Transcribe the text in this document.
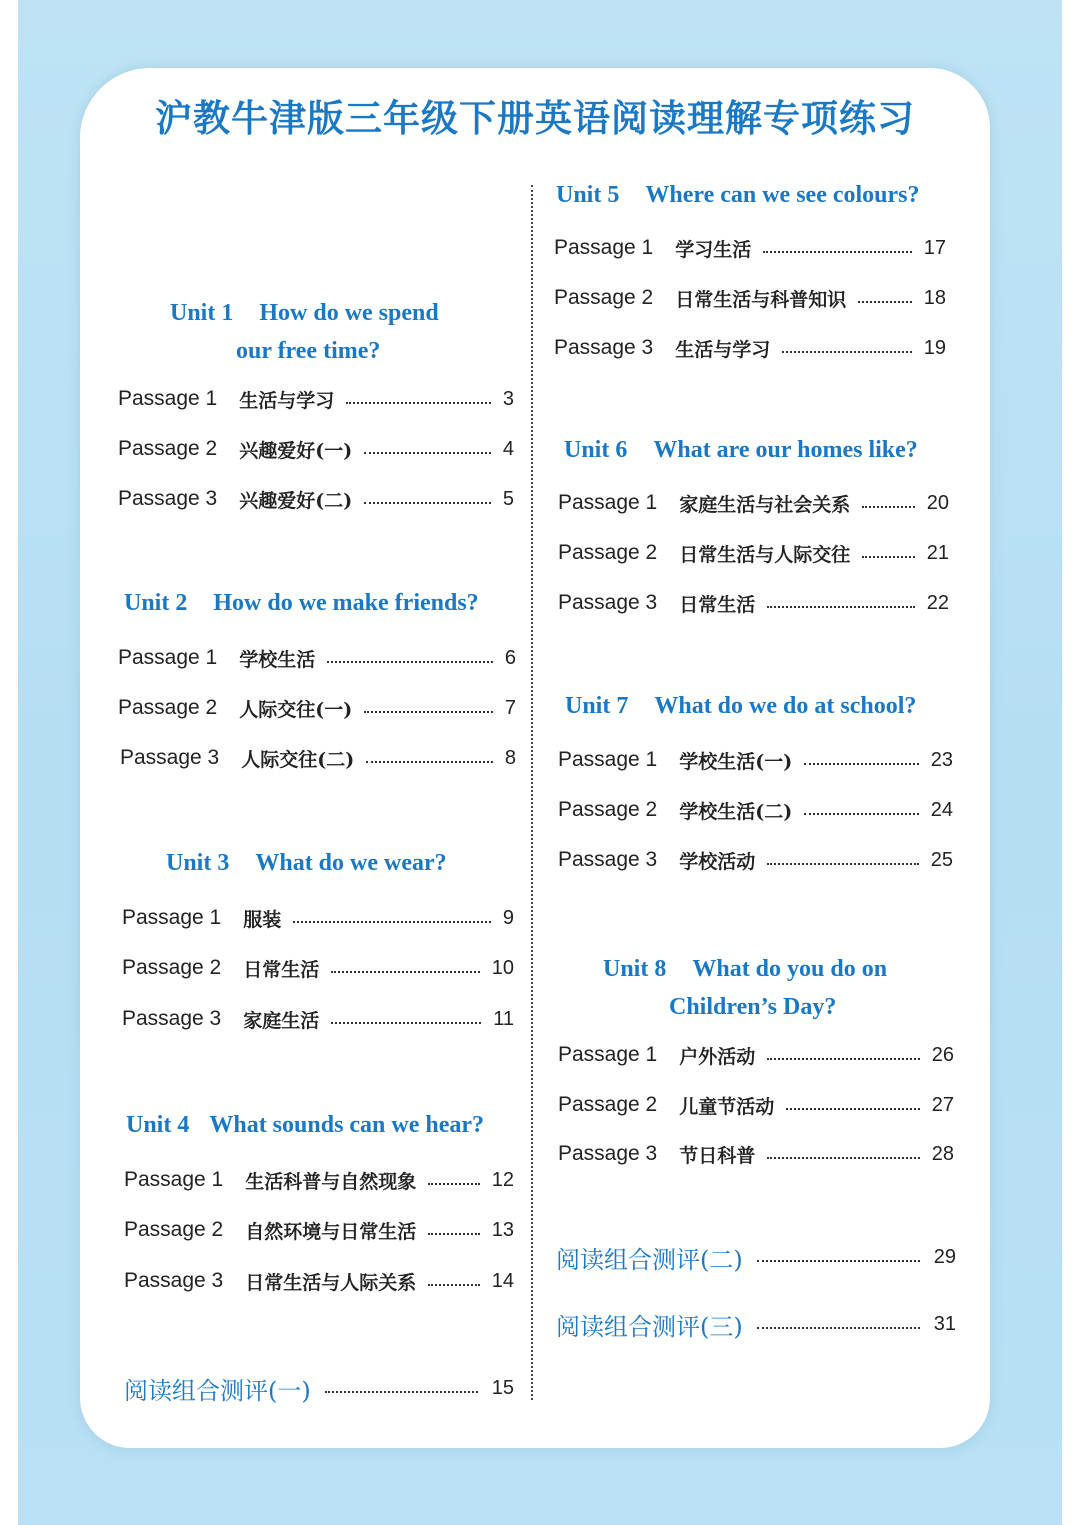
沪教牛津版三年级下册英语阅读理解专项练习
Unit 1 How do we spend
our free time?
Passage 1 生活与学习	3
Passage 2 兴趣爱好(一)	4
Passage 3 兴趣爱好(二)	5
Unit 2 How do we make friends?
Passage 1 学校生活	6
Passage 2 人际交往(一)	7
Passage 3 人际交往(二)	8
Unit 3 What do we wear?
Passage 1 服装	9
Passage 2 日常生活	10
Passage 3 家庭生活	11
Unit 4 What sounds can we hear?
Passage 1 生活科普与自然现象	12
Passage 2 自然环境与日常生活	13
Passage 3 日常生活与人际关系	14
阅读组合测评(一)	15
Unit 5 Where can we see colours?
Passage 1 学习生活	17
Passage 2 日常生活与科普知识	18
Passage 3 生活与学习	19
Unit 6 What are our homes like?
Passage 1 家庭生活与社会关系	20
Passage 2 日常生活与人际交往	21
Passage 3 日常生活	22
Unit 7 What do we do at school?
Passage 1 学校生活(一)	23
Passage 2 学校生活(二)	24
Passage 3 学校活动	25
Unit 8 What do you do on
Children’s Day?
Passage 1 户外活动	26
Passage 2 儿童节活动	27
Passage 3 节日科普	28
阅读组合测评(二)	29
阅读组合测评(三)	31
